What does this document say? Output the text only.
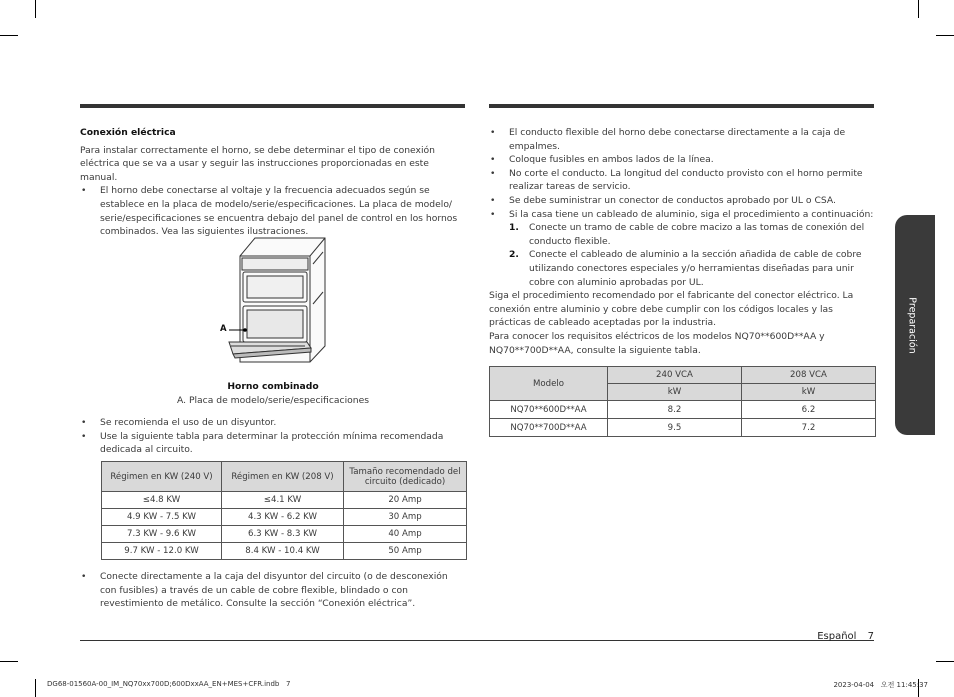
Conexión eléctrica
Para instalar correctamente el horno, se debe determinar el tipo de conexión eléctrica que se va a usar y seguir las instrucciones proporcionadas en este manual.
• El horno debe conectarse al voltaje y la frecuencia adecuados según se establece en la placa de modelo/serie/especificaciones. La placa de modelo/ serie/especificaciones se encuentra debajo del panel de control en los hornos combinados. Vea las siguientes ilustraciones.
A
Horno combinado
A. Placa de modelo/serie/especificaciones
• Se recomienda el uso de un disyuntor.
• Use la siguiente tabla para determinar la protección mínima recomendada dedicada al circuito.
Régimen en KW (240 V)	Régimen en KW (208 V)	Tamaño recomendado del circuito (dedicado)
≤4.8 KW	≤4.1 KW	20 Amp
4.9 KW - 7.5 KW	4.3 KW - 6.2 KW	30 Amp
7.3 KW - 9.6 KW	6.3 KW - 8.3 KW	40 Amp
9.7 KW - 12.0 KW	8.4 KW - 10.4 KW	50 Amp
• Conecte directamente a la caja del disyuntor del circuito (o de desconexión con fusibles) a través de un cable de cobre flexible, blindado o con revestimiento de metálico. Consulte la sección “Conexión eléctrica”.
• El conducto flexible del horno debe conectarse directamente a la caja de empalmes.
• Coloque fusibles en ambos lados de la línea.
• No corte el conducto. La longitud del conducto provisto con el horno permite realizar tareas de servicio.
• Se debe suministrar un conector de conductos aprobado por UL o CSA.
• Si la casa tiene un cableado de aluminio, siga el procedimiento a continuación:
1. Conecte un tramo de cable de cobre macizo a las tomas de conexión del conducto flexible.
2. Conecte el cableado de aluminio a la sección añadida de cable de cobre utilizando conectores especiales y/o herramientas diseñadas para unir cobre con aluminio aprobadas por UL.
Siga el procedimiento recomendado por el fabricante del conector eléctrico. La conexión entre aluminio y cobre debe cumplir con los códigos locales y las prácticas de cableado aceptadas por la industria.
Para conocer los requisitos eléctricos de los modelos NQ70**600D**AA y NQ70**700D**AA, consulte la siguiente tabla.
Modelo	240 VCA	208 VCA
	kW	kW
NQ70**600D**AA	8.2	6.2
NQ70**700D**AA	9.5	7.2
Preparación
Español 7
DG68-01560A-00_IM_NQ70xx700D;600DxxAA_EN+MES+CFR.indb   7	2023-04-04   오전 11:45:37
